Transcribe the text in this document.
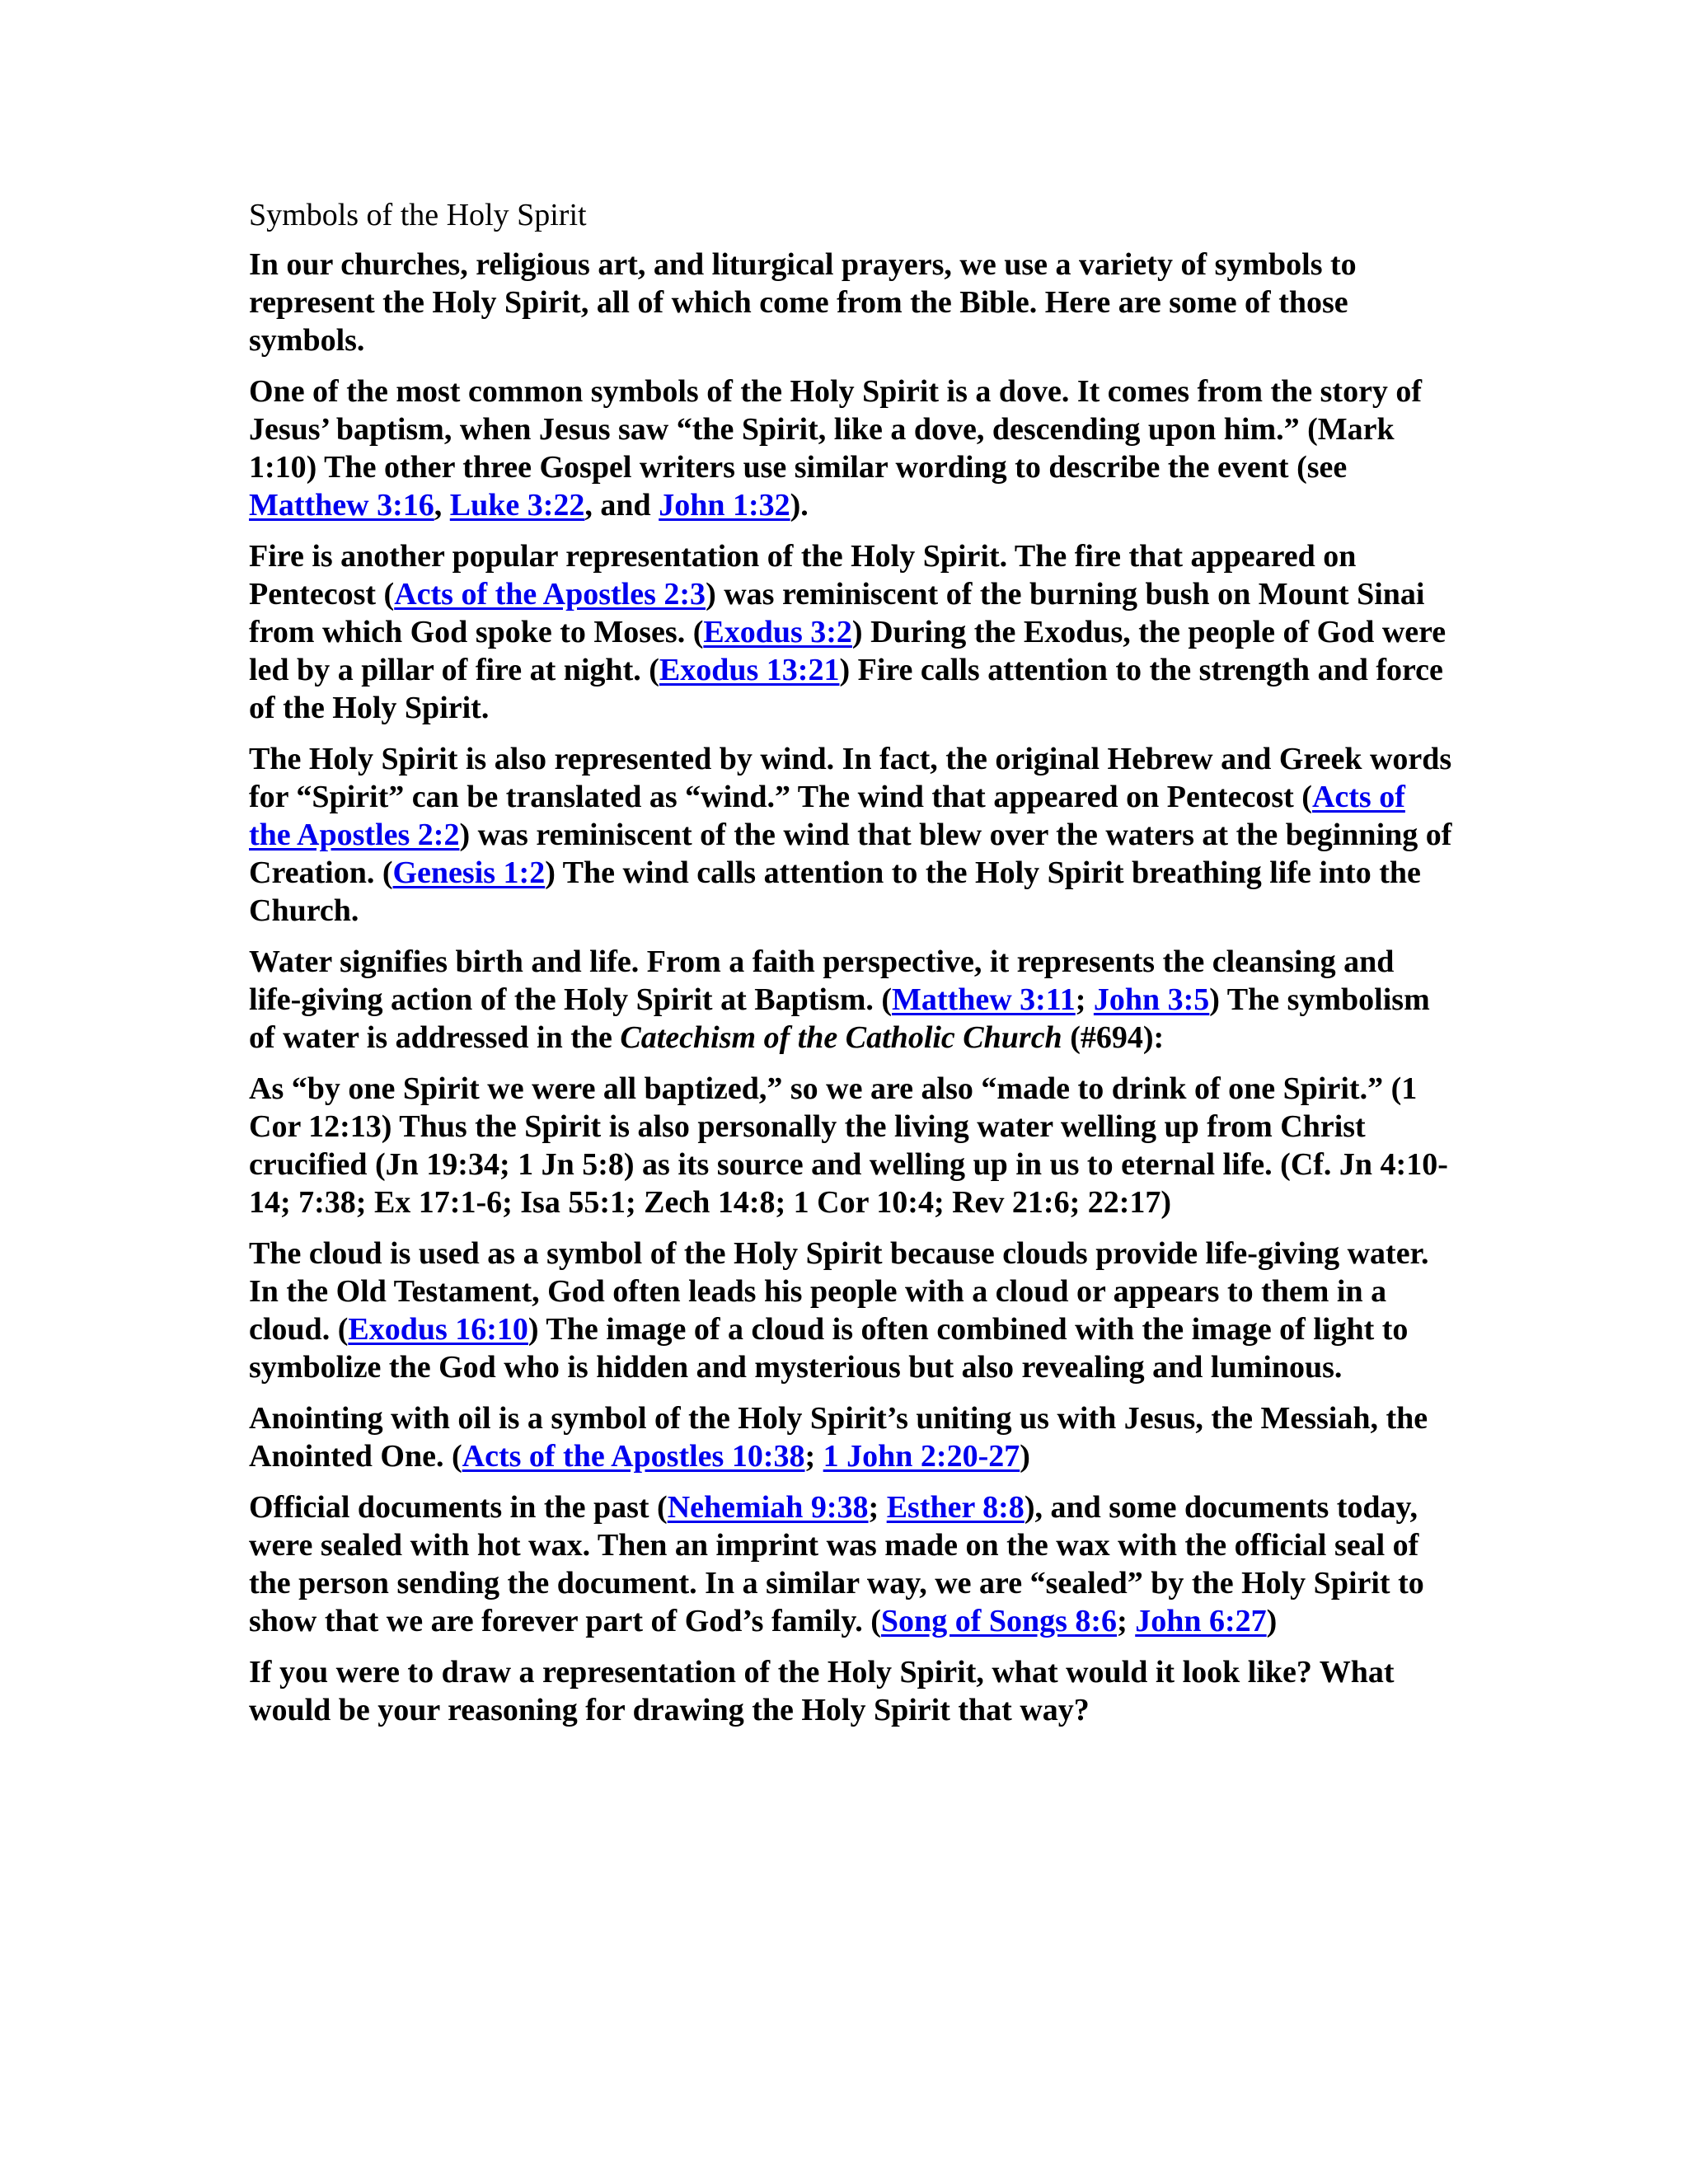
Symbols of the Holy Spirit

In our churches, religious art, and liturgical prayers, we use a variety of symbols to represent the Holy Spirit, all of which come from the Bible. Here are some of those symbols.

One of the most common symbols of the Holy Spirit is a dove. It comes from the story of Jesus’ baptism, when Jesus saw “the Spirit, like a dove, descending upon him.” (Mark 1:10) The other three Gospel writers use similar wording to describe the event (see Matthew 3:16, Luke 3:22, and John 1:32).

Fire is another popular representation of the Holy Spirit. The fire that appeared on Pentecost (Acts of the Apostles 2:3) was reminiscent of the burning bush on Mount Sinai from which God spoke to Moses. (Exodus 3:2) During the Exodus, the people of God were led by a pillar of fire at night. (Exodus 13:21) Fire calls attention to the strength and force of the Holy Spirit.

The Holy Spirit is also represented by wind. In fact, the original Hebrew and Greek words for “Spirit” can be translated as “wind.” The wind that appeared on Pentecost (Acts of the Apostles 2:2) was reminiscent of the wind that blew over the waters at the beginning of Creation. (Genesis 1:2) The wind calls attention to the Holy Spirit breathing life into the Church.

Water signifies birth and life. From a faith perspective, it represents the cleansing and life-giving action of the Holy Spirit at Baptism. (Matthew 3:11; John 3:5) The symbolism of water is addressed in the Catechism of the Catholic Church (#694):

As “by one Spirit we were all baptized,” so we are also “made to drink of one Spirit.” (1 Cor 12:13) Thus the Spirit is also personally the living water welling up from Christ crucified (Jn 19:34; 1 Jn 5:8) as its source and welling up in us to eternal life. (Cf. Jn 4:10-14; 7:38; Ex 17:1-6; Isa 55:1; Zech 14:8; 1 Cor 10:4; Rev 21:6; 22:17)

The cloud is used as a symbol of the Holy Spirit because clouds provide life-giving water. In the Old Testament, God often leads his people with a cloud or appears to them in a cloud. (Exodus 16:10) The image of a cloud is often combined with the image of light to symbolize the God who is hidden and mysterious but also revealing and luminous.

Anointing with oil is a symbol of the Holy Spirit’s uniting us with Jesus, the Messiah, the Anointed One. (Acts of the Apostles 10:38; 1 John 2:20-27)

Official documents in the past (Nehemiah 9:38; Esther 8:8), and some documents today, were sealed with hot wax. Then an imprint was made on the wax with the official seal of the person sending the document. In a similar way, we are “sealed” by the Holy Spirit to show that we are forever part of God’s family. (Song of Songs 8:6; John 6:27)

If you were to draw a representation of the Holy Spirit, what would it look like? What would be your reasoning for drawing the Holy Spirit that way?
